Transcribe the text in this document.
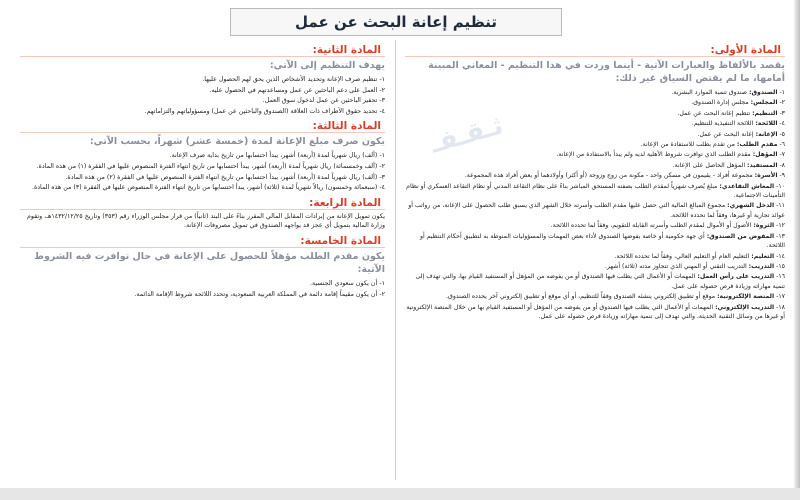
تنظيم إعانة البحث عن عمل
ثـقـفـ
المادة الأولى:
يقصد بالألفاظ والعبارات الآتية - أينما وردت في هذا التنظيم - المعاني المبينة أمامها، ما لم يقتض السياق غير ذلك:
١- الصندوق: صندوق تنمية الموارد البشرية.
٢- المجلس: مجلس إدارة الصندوق.
٣- التنظيم: تنظيم إعانة البحث عن عمل.
٤- اللائحة: اللائحة التنفيذية للتنظيم.
٥- الإعانة: إعانة البحث عن عمل.
٦- مقدم الطلب: من تقدم بطلب للاستفادة من الإعانة.
٧- المؤهل: مقدم الطلب الذي توافرت شروط الأهلية لديه ولم يبدأ بالاستفادة من الإعانة.
٨- المستفيد: المؤهل الحاصل على الإعانة.
٩- الأسرة: مجموعة أفراد - يقيمون في مسكن واحد - مكونة من زوج وزوجة (أو أكثر) وأولادهما أو بعض أفراد هذه المجموعة.
١٠- المعاش التقاعدي: مبلغ يُصرف شهرياً لمقدم الطلب بصفته المستحق المباشر بناءً على نظام التقاعد المدني أو نظام التقاعد العسكري أو نظام التأمينات الاجتماعية.
١١- الدخل الشهري: مجموع المبالغ المالية التي حصل عليها مقدم الطلب وأسرته خلال الشهر الذي يسبق طلب الحصول على الإعانة، من رواتب أو عوائد تجارية أو غيرها، وفقاً لما تحدده اللائحة.
١٢- الثروة: الأصول أو الأموال لمقدم الطلب وأسرته القابلة للتقويم، وفقاً لما تحدده اللائحة.
١٣- المفوض من الصندوق: أي جهة حكومية أو خاصة يفوضها الصندوق لأداء بعض المهمات والمسؤوليات المنوطة به لتطبيق أحكام التنظيم أو اللائحة.
١٤- التعليم: التعليم العام أو التعليم العالي، وفقاً لما تحدده اللائحة.
١٥- التدريب: التدريب التقني أو المهني الذي تتجاوز مدته (ثلاثة) أشهر.
١٦- التدريب على رأس العمل: المهمات أو الأعمال التي يطلب فيها الصندوق أو من يفوضه من المؤهل أو المستفيد القيام بها، والتي تهدف إلى تنمية مهاراته وزيادة فرص حصوله على عمل.
١٧- المنصة الإلكترونية: موقع أو تطبيق إلكتروني ينشئه الصندوق وفقاً للتنظيم، أو أي موقع أو تطبيق إلكتروني آخر يحدده الصندوق.
١٨- التدريب الإلكتروني: المهمات أو الأعمال التي يطلب فيها الصندوق أو من يفوضه من المؤهل أو المستفيد القيام بها من خلال المنصة الإلكترونية أو غيرها من وسائل التقنية الحديثة، والتي تهدف إلى تنمية مهاراته وزيادة فرص حصوله على عمل.
المادة الثانية:
يهدف التنظيم إلى الآتي:
١- تنظيم صرف الإعانة وتحديد الأشخاص الذين يحق لهم الحصول عليها.
٢- العمل على دعم الباحثين عن عمل ومساعدتهم في الحصول عليه.
٣- تحفيز الباحثين عن عمل لدخول سوق العمل.
٤- تحديد حقوق الأطراف ذات العلاقة (الصندوق والباحثين عن عمل) ومسؤولياتهم والتزاماتهم.
المادة الثالثة:
يكون صرف مبلغ الإعانة لمدة (خمسة عشر) شهراً، بحسب الآتي:
١- (ألف) ريال شهرياً لمدة (أربعة) أشهر، يبدأ احتسابها من تاريخ بداية صرف الإعانة.
٢- (ألف وخمسمائة) ريال شهرياً لمدة (أربعة) أشهر، يبدأ احتسابها من تاريخ انتهاء الفترة المنصوص عليها في الفقرة (١) من هذه المادة.
٣- (ألف) ريال شهرياً لمدة (أربعة) أشهر، يبدأ احتسابها من تاريخ انتهاء الفترة المنصوص عليها في الفقرة (٢) من هذه المادة.
٤- (سبعمائة وخمسون) ريالاً شهرياً لمدة (ثلاثة) أشهر، يبدأ احتسابها من تاريخ انتهاء الفترة المنصوص عليها في الفقرة (٣) من هذه المادة.
المادة الرابعة:
يكون تمويل الإعانة من إيرادات المقابل المالي المقرر بناءً على البند (ثانياً) من قرار مجلس الوزراء رقم (٣٥٣) وتاريخ ١٤٣٢/١٢/٢٥هـ، وتقوم وزارة المالية بتمويل أي عجز قد يواجهه الصندوق في تمويل مصروفات الإعانة.
المادة الخامسة:
يكون مقدم الطلب مؤهلاً للحصول على الإعانة في حال توافرت فيه الشروط الآتية:
١- أن يكون سعودي الجنسية.
٢- أن يكون مقيماً إقامة دائمة في المملكة العربية السعودية، وتحدد اللائحة شروط الإقامة الدائمة.
